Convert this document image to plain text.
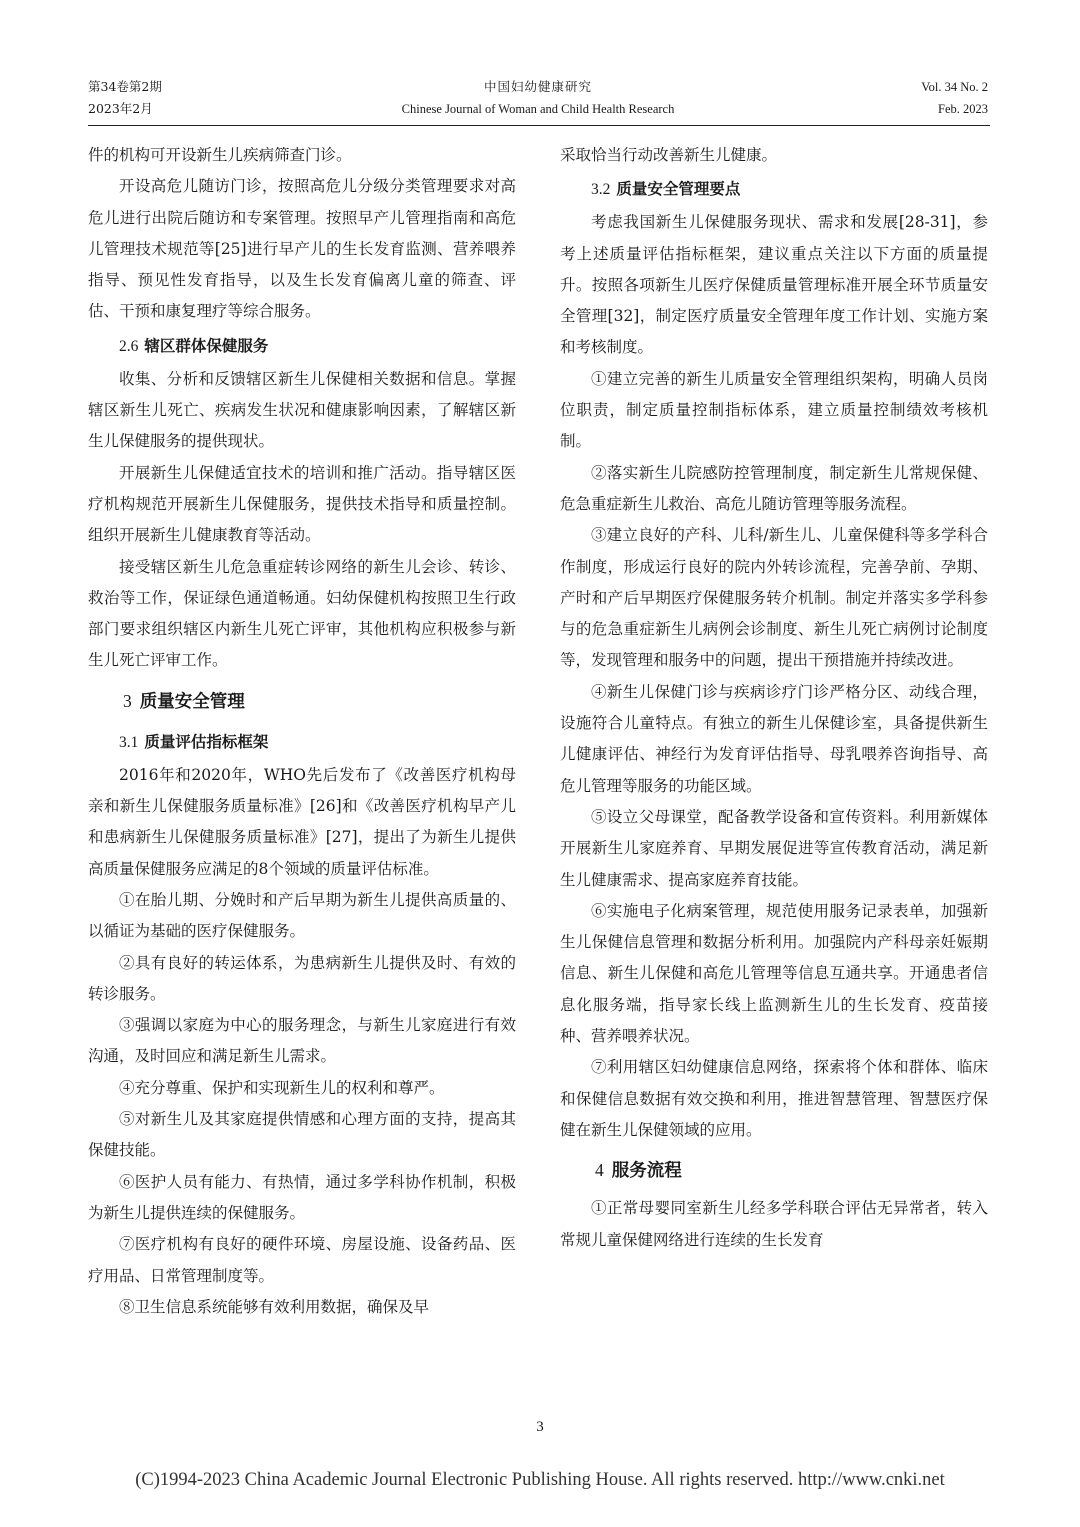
第34卷第2期
2023年2月
中国妇幼健康研究
Chinese Journal of Woman and Child Health Research
Vol. 34 No. 2
Feb. 2023

件的机构可开设新生儿疾病筛查门诊。

开设高危儿随访门诊，按照高危儿分级分类管理要求对高危儿进行出院后随访和专案管理。按照早产儿管理指南和高危儿管理技术规范等[25]进行早产儿的生长发育监测、营养喂养指导、预见性发育指导，以及生长发育偏离儿童的筛查、评估、干预和康复理疗等综合服务。

2.6 辖区群体保健服务

收集、分析和反馈辖区新生儿保健相关数据和信息。掌握辖区新生儿死亡、疾病发生状况和健康影响因素，了解辖区新生儿保健服务的提供现状。

开展新生儿保健适宜技术的培训和推广活动。指导辖区医疗机构规范开展新生儿保健服务，提供技术指导和质量控制。组织开展新生儿健康教育等活动。

接受辖区新生儿危急重症转诊网络的新生儿会诊、转诊、救治等工作，保证绿色通道畅通。妇幼保健机构按照卫生行政部门要求组织辖区内新生儿死亡评审，其他机构应积极参与新生儿死亡评审工作。

3 质量安全管理
3.1 质量评估指标框架

2016年和2020年，WHO先后发布了《改善医疗机构母亲和新生儿保健服务质量标准》[26]和《改善医疗机构早产儿和患病新生儿保健服务质量标准》[27]，提出了为新生儿提供高质量保健服务应满足的8个领域的质量评估标准。

①在胎儿期、分娩时和产后早期为新生儿提供高质量的、以循证为基础的医疗保健服务。

②具有良好的转运体系，为患病新生儿提供及时、有效的转诊服务。

③强调以家庭为中心的服务理念，与新生儿家庭进行有效沟通，及时回应和满足新生儿需求。

④充分尊重、保护和实现新生儿的权利和尊严。

⑤对新生儿及其家庭提供情感和心理方面的支持，提高其保健技能。

⑥医护人员有能力、有热情，通过多学科协作机制，积极为新生儿提供连续的保健服务。

⑦医疗机构有良好的硬件环境、房屋设施、设备药品、医疗用品、日常管理制度等。

⑧卫生信息系统能够有效利用数据，确保及早

采取恰当行动改善新生儿健康。

3.2 质量安全管理要点

考虑我国新生儿保健服务现状、需求和发展[28-31]，参考上述质量评估指标框架，建议重点关注以下方面的质量提升。按照各项新生儿医疗保健质量管理标准开展全环节质量安全管理[32]，制定医疗质量安全管理年度工作计划、实施方案和考核制度。

①建立完善的新生儿质量安全管理组织架构，明确人员岗位职责，制定质量控制指标体系，建立质量控制绩效考核机制。

②落实新生儿院感防控管理制度，制定新生儿常规保健、危急重症新生儿救治、高危儿随访管理等服务流程。

③建立良好的产科、儿科/新生儿、儿童保健科等多学科合作制度，形成运行良好的院内外转诊流程，完善孕前、孕期、产时和产后早期医疗保健服务转介机制。制定并落实多学科参与的危急重症新生儿病例会诊制度、新生儿死亡病例讨论制度等，发现管理和服务中的问题，提出干预措施并持续改进。

④新生儿保健门诊与疾病诊疗门诊严格分区、动线合理，设施符合儿童特点。有独立的新生儿保健诊室，具备提供新生儿健康评估、神经行为发育评估指导、母乳喂养咨询指导、高危儿管理等服务的功能区域。

⑤设立父母课堂，配备教学设备和宣传资料。利用新媒体开展新生儿家庭养育、早期发展促进等宣传教育活动，满足新生儿健康需求、提高家庭养育技能。

⑥实施电子化病案管理，规范使用服务记录表单，加强新生儿保健信息管理和数据分析利用。加强院内产科母亲妊娠期信息、新生儿保健和高危儿管理等信息互通共享。开通患者信息化服务端，指导家长线上监测新生儿的生长发育、疫苗接种、营养喂养状况。

⑦利用辖区妇幼健康信息网络，探索将个体和群体、临床和保健信息数据有效交换和利用，推进智慧管理、智慧医疗保健在新生儿保健领域的应用。

4 服务流程

①正常母婴同室新生儿经多学科联合评估无异常者，转入常规儿童保健网络进行连续的生长发育

3
(C)1994-2023 China Academic Journal Electronic Publishing House. All rights reserved. http://www.cnki.net
